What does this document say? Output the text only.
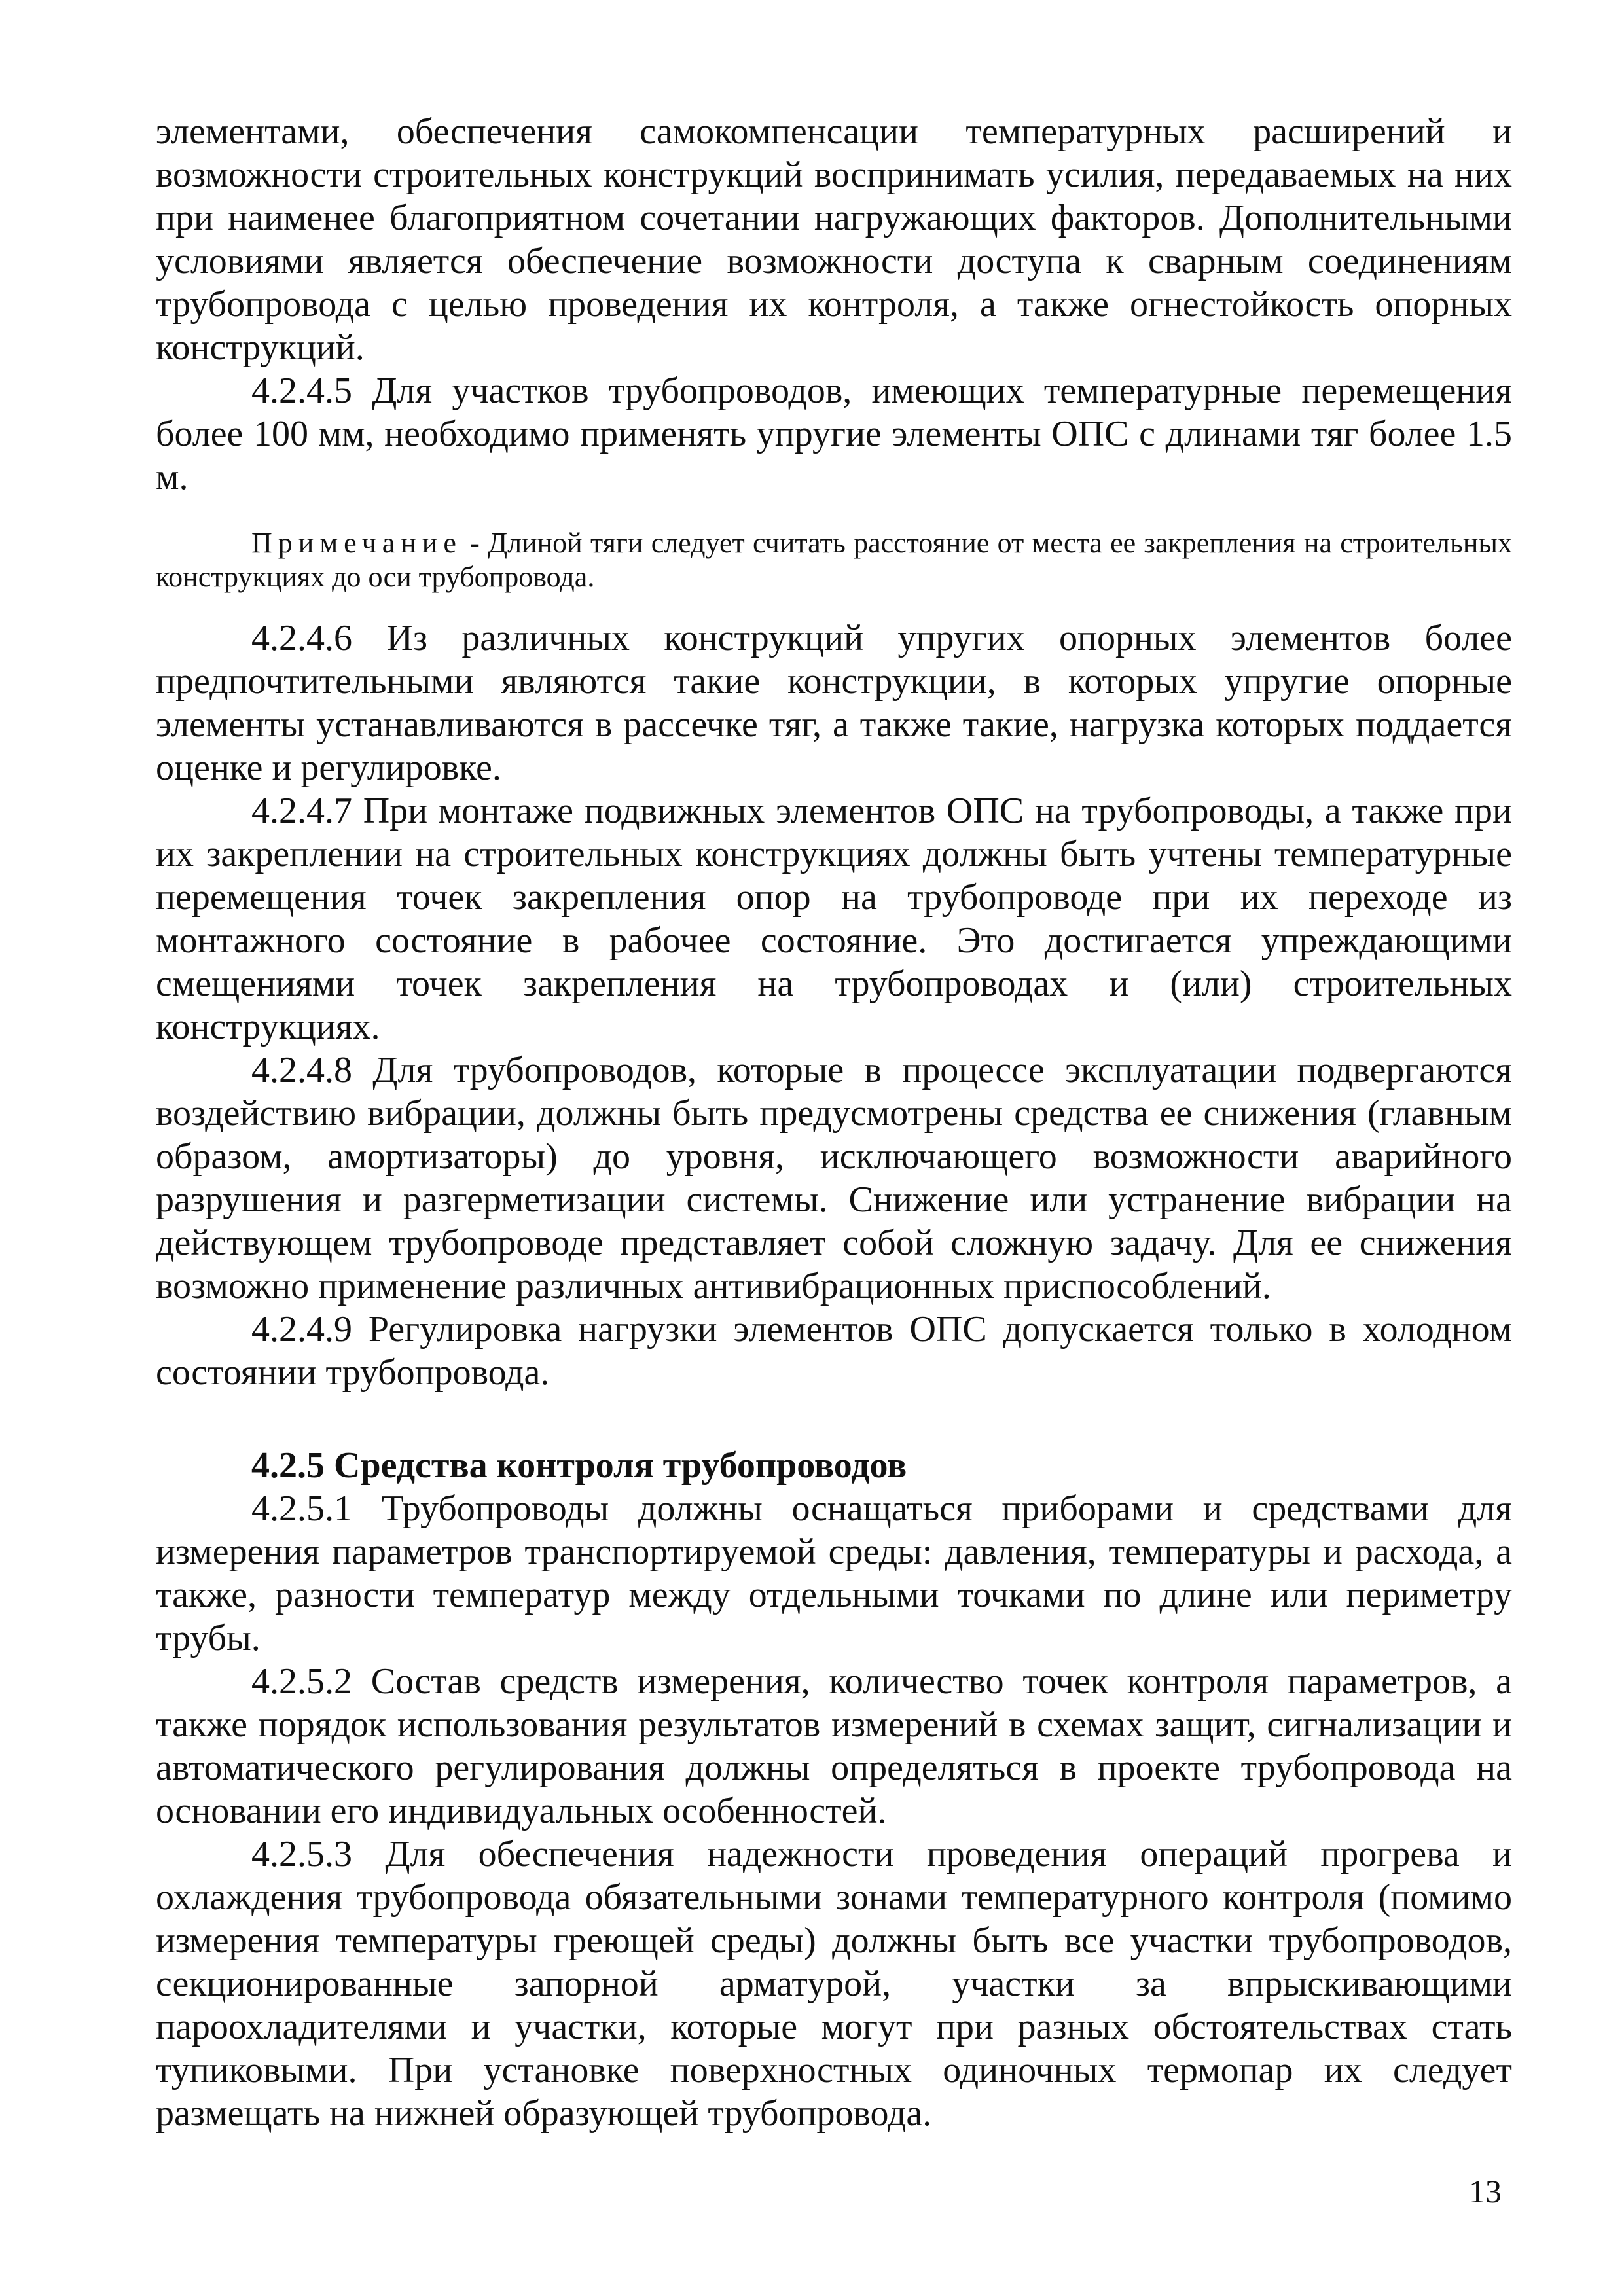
элементами, обеспечения самокомпенсации температурных расширений и возможности строительных конструкций воспринимать усилия, передаваемых на них при наименее благоприятном сочетании нагружающих факторов. Дополнительными условиями является обеспечение возможности доступа к сварным соединениям трубопровода с целью проведения их контроля, а также огнестойкость опорных конструкций.

4.2.4.5 Для участков трубопроводов, имеющих температурные перемещения более 100 мм, необходимо применять упругие элементы ОПС с длинами тяг более 1.5 м.

Примечание - Длиной тяги следует считать расстояние от места ее закрепления на строительных конструкциях до оси трубопровода.

4.2.4.6 Из различных конструкций упругих опорных элементов более предпочтительными являются такие конструкции, в которых упругие опорные элементы устанавливаются в рассечке тяг, а также такие, нагрузка которых поддается оценке и регулировке.

4.2.4.7 При монтаже подвижных элементов ОПС на трубопроводы, а также при их закреплении на строительных конструкциях должны быть учтены температурные перемещения точек закрепления опор на трубопроводе при их переходе из монтажного состояние в рабочее состояние. Это достигается упреждающими смещениями точек закрепления на трубопроводах и (или) строительных конструкциях.

4.2.4.8 Для трубопроводов, которые в процессе эксплуатации подвергаются воздействию вибрации, должны быть предусмотрены средства ее снижения (главным образом, амортизаторы) до уровня, исключающего возможности аварийного разрушения и разгерметизации системы. Снижение или устранение вибрации на действующем трубопроводе представляет собой сложную задачу. Для ее снижения возможно применение различных антивибрационных приспособлений.

4.2.4.9 Регулировка нагрузки элементов ОПС допускается только в холодном состоянии трубопровода.

4.2.5 Средства контроля трубопроводов

4.2.5.1 Трубопроводы должны оснащаться приборами и средствами для измерения параметров транспортируемой среды: давления, температуры и расхода, а также, разности температур между отдельными точками по длине или периметру трубы.

4.2.5.2 Состав средств измерения, количество точек контроля параметров, а также порядок использования результатов измерений в схемах защит, сигнализации и автоматического регулирования должны определяться в проекте трубопровода на основании его индивидуальных особенностей.

4.2.5.3 Для обеспечения надежности проведения операций прогрева и охлаждения трубопровода обязательными зонами температурного контроля (помимо измерения температуры греющей среды) должны быть все участки трубопроводов, секционированные запорной арматурой, участки за впрыскивающими пароохладителями и участки, которые могут при разных обстоятельствах стать тупиковыми. При установке поверхностных одиночных термопар их следует размещать на нижней образующей трубопровода.

13
